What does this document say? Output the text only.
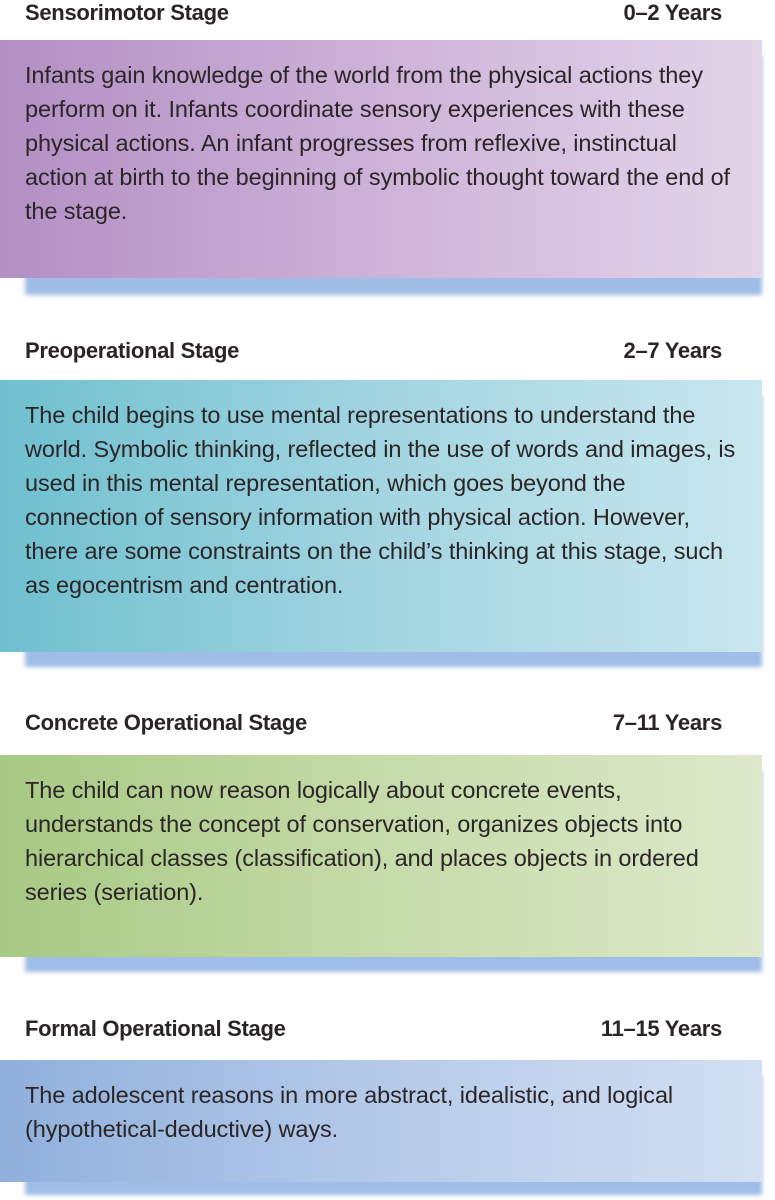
Sensorimotor Stage	0–2 Years

Infants gain knowledge of the world from the physical actions they perform on it. Infants coordinate sensory experiences with these physical actions. An infant progresses from reflexive, instinctual action at birth to the beginning of symbolic thought toward the end of the stage.

Preoperational Stage	2–7 Years

The child begins to use mental representations to understand the world. Symbolic thinking, reflected in the use of words and images, is used in this mental representation, which goes beyond the connection of sensory information with physical action. However, there are some constraints on the child’s thinking at this stage, such as egocentrism and centration.

Concrete Operational Stage	7–11 Years

The child can now reason logically about concrete events, understands the concept of conservation, organizes objects into hierarchical classes (classification), and places objects in ordered series (seriation).

Formal Operational Stage	11–15 Years

The adolescent reasons in more abstract, idealistic, and logical (hypothetical-deductive) ways.
